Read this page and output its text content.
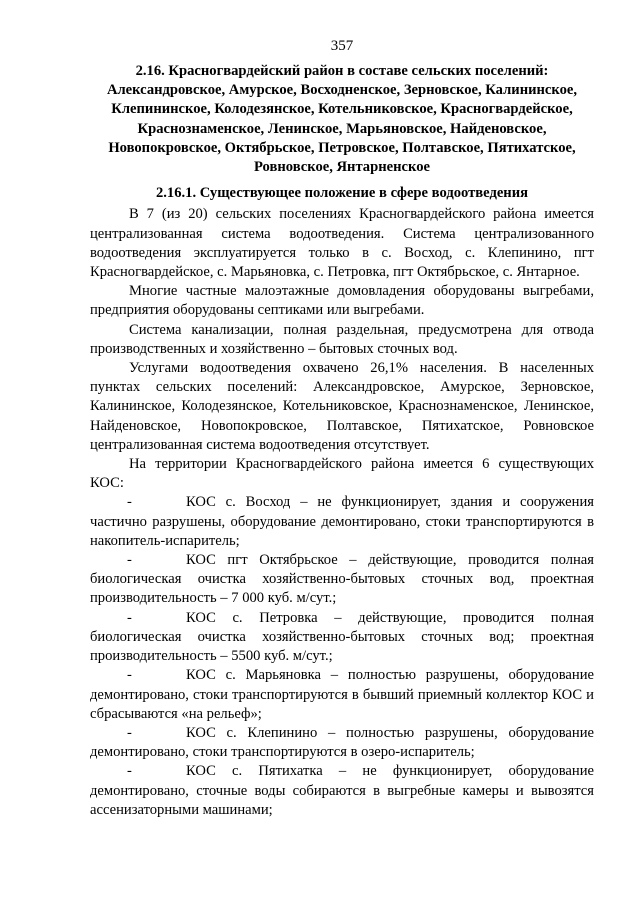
357
2.16. Красногвардейский район в составе сельских поселений: Александровское, Амурское, Восходненское, Зерновское, Калининское, Клепининское, Колодезянское, Котельниковское, Красногвардейское, Краснознаменское, Ленинское, Марьяновское, Найденовское, Новопокровское, Октябрьское, Петровское, Полтавское, Пятихатское, Ровновское, Янтарненское
2.16.1. Существующее положение в сфере водоотведения

В 7 (из 20) сельских поселениях Красногвардейского района имеется централизованная система водоотведения. Система централизованного водоотведения эксплуатируется только в с. Восход, с. Клепинино, пгт Красногвардейское, с. Марьяновка, с. Петровка, пгт Октябрьское, с. Янтарное.

Многие частные малоэтажные домовладения оборудованы выгребами, предприятия оборудованы септиками или выгребами.

Система канализации, полная раздельная, предусмотрена для отвода производственных и хозяйственно – бытовых сточных вод.

Услугами водоотведения охвачено 26,1% населения. В населенных пунктах сельских поселений: Александровское, Амурское, Зерновское, Калининское, Колодезянское, Котельниковское, Краснознаменское, Ленинское, Найденовское, Новопокровское, Полтавское, Пятихатское, Ровновское централизованная система водоотведения отсутствует.

На территории Красногвардейского района имеется 6 существующих КОС:

-	КОС с. Восход – не функционирует, здания и сооружения частично разрушены, оборудование демонтировано, стоки транспортируются в накопитель-испаритель;

-	КОС пгт Октябрьское – действующие, проводится полная биологическая очистка хозяйственно-бытовых сточных вод, проектная производительность – 7 000 куб. м/сут.;

-	КОС с. Петровка – действующие, проводится полная биологическая очистка хозяйственно-бытовых сточных вод; проектная производительность – 5500 куб. м/сут.;

-	КОС с. Марьяновка – полностью разрушены, оборудование демонтировано, стоки транспортируются в бывший приемный коллектор КОС и сбрасываются «на рельеф»;

-	КОС с. Клепинино – полностью разрушены, оборудование демонтировано, стоки транспортируются в озеро-испаритель;

-	КОС с. Пятихатка – не функционирует, оборудование демонтировано, сточные воды собираются в выгребные камеры и вывозятся ассенизаторными машинами;
